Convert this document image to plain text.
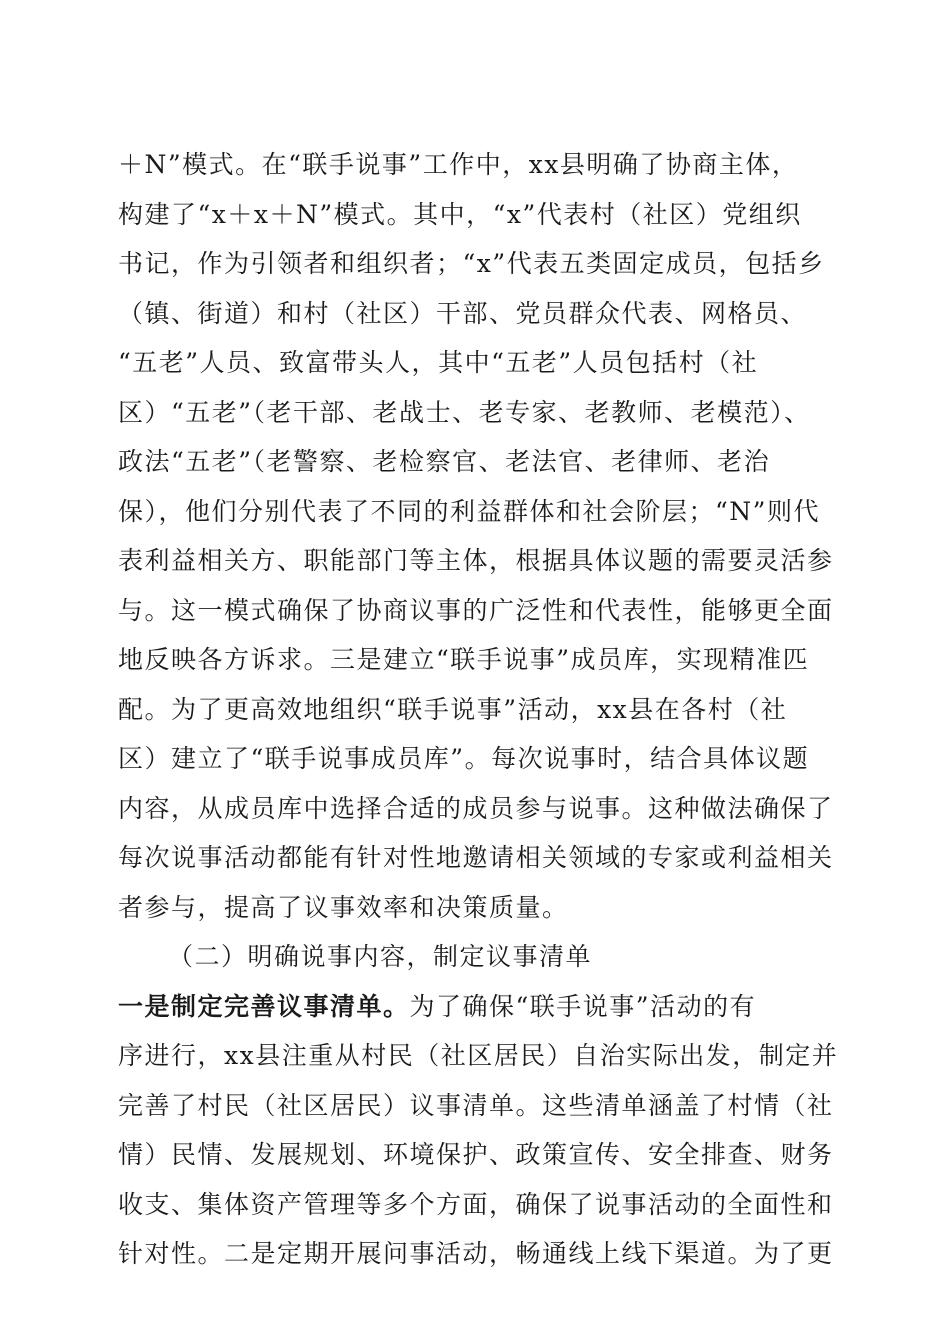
＋N”模式。在“联手说事”工作中，xx县明确了协商主体，
构建了“x＋x＋N”模式。其中，“x”代表村（社区）党组织
书记，作为引领者和组织者；“x”代表五类固定成员，包括乡
（镇、街道）和村（社区）干部、党员群众代表、网格员、
“五老”人员、致富带头人，其中“五老”人员包括村（社
区）“五老”（老干部、老战士、老专家、老教师、老模范）、
政法“五老”（老警察、老检察官、老法官、老律师、老治
保），他们分别代表了不同的利益群体和社会阶层；“N”则代
表利益相关方、职能部门等主体，根据具体议题的需要灵活参
与。这一模式确保了协商议事的广泛性和代表性，能够更全面
地反映各方诉求。三是建立“联手说事”成员库，实现精准匹
配。为了更高效地组织“联手说事”活动，xx县在各村（社
区）建立了“联手说事成员库”。每次说事时，结合具体议题
内容，从成员库中选择合适的成员参与说事。这种做法确保了
每次说事活动都能有针对性地邀请相关领域的专家或利益相关
者参与，提高了议事效率和决策质量。
（二）明确说事内容，制定议事清单
一是制定完善议事清单。为了确保“联手说事”活动的有
序进行，xx县注重从村民（社区居民）自治实际出发，制定并
完善了村民（社区居民）议事清单。这些清单涵盖了村情（社
情）民情、发展规划、环境保护、政策宣传、安全排查、财务
收支、集体资产管理等多个方面，确保了说事活动的全面性和
针对性。二是定期开展问事活动，畅通线上线下渠道。为了更
